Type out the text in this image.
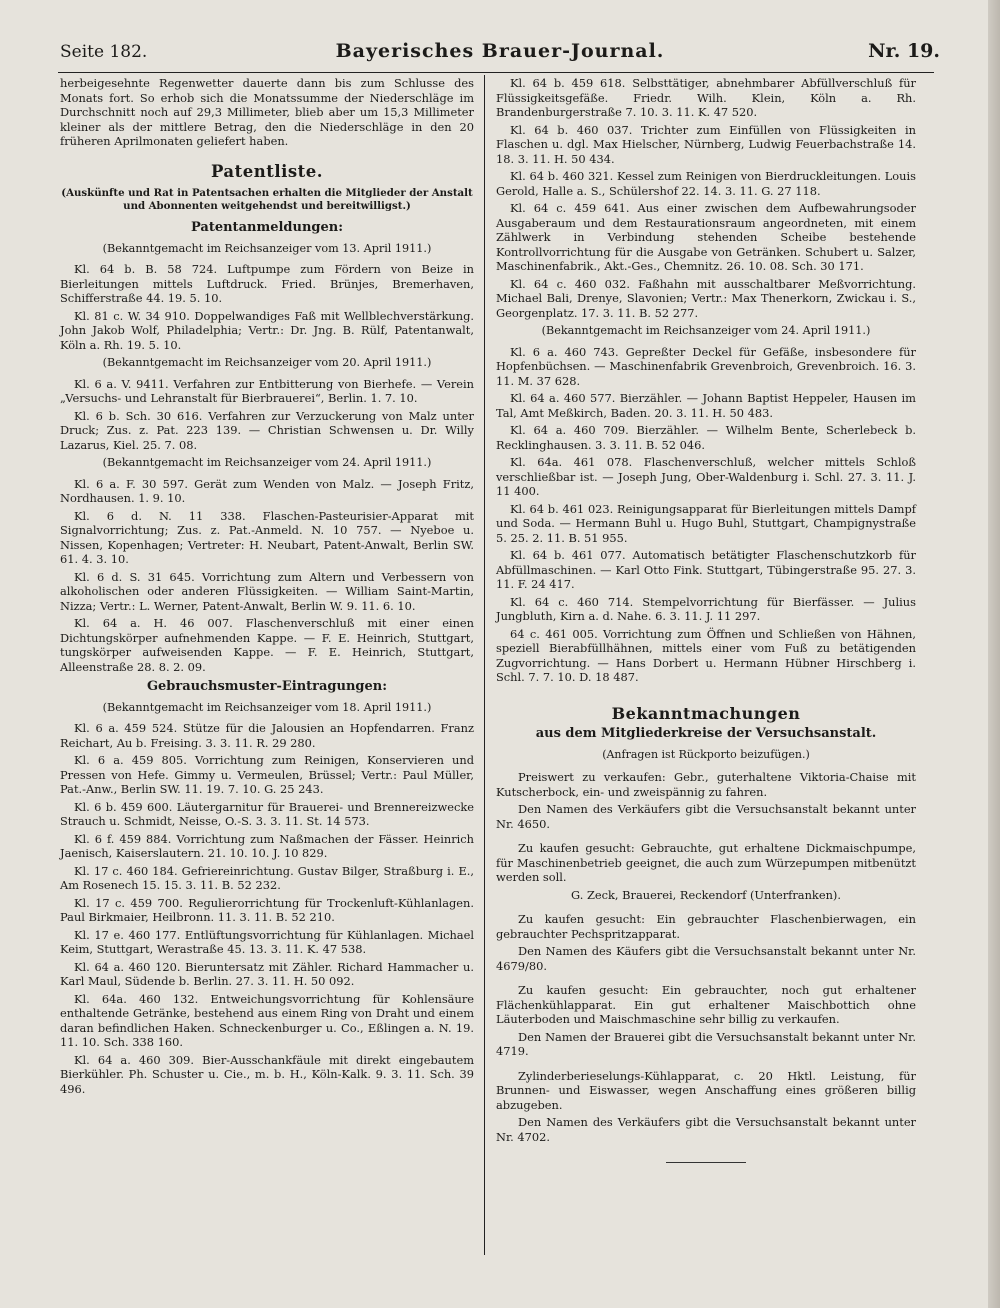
Seite 182.	Bayerisches Brauer-Journal.	Nr. 19.

herbeigesehnte Regenwetter dauerte dann bis zum Schlusse des Monats fort. So erhob sich die Monatssumme der Niederschläge im Durchschnitt noch auf 29,3 Millimeter, blieb aber um 15,3 Millimeter kleiner als der mittlere Betrag, den die Niederschläge in den 20 früheren Aprilmonaten geliefert haben.

Patentliste.
(Auskünfte und Rat in Patentsachen erhalten die Mitglieder der Anstalt und Abonnenten weitgehendst und bereitwilligst.)
Patentanmeldungen:
(Bekanntgemacht im Reichsanzeiger vom 13. April 1911.)

Kl. 64 b. B. 58 724. Luftpumpe zum Fördern von Beize in Bierleitungen mittels Luftdruck. Fried. Brünjes, Bremerhaven, Schifferstraße 44. 19. 5. 10.

Kl. 81 c. W. 34 910. Doppelwandiges Faß mit Wellblechverstärkung. John Jakob Wolf, Philadelphia; Vertr.: Dr. Jng. B. Rülf, Patentanwalt, Köln a. Rh. 19. 5. 10.

(Bekanntgemacht im Reichsanzeiger vom 20. April 1911.)

Kl. 6 a. V. 9411. Verfahren zur Entbitterung von Bierhefe. — Verein „Versuchs- und Lehranstalt für Bierbrauerei“, Berlin. 1. 7. 10.

Kl. 6 b. Sch. 30 616. Verfahren zur Verzuckerung von Malz unter Druck; Zus. z. Pat. 223 139. — Christian Schwensen u. Dr. Willy Lazarus, Kiel. 25. 7. 08.

(Bekanntgemacht im Reichsanzeiger vom 24. April 1911.)

Kl. 6 a. F. 30 597. Gerät zum Wenden von Malz. — Joseph Fritz, Nordhausen. 1. 9. 10.

Kl. 6 d. N. 11 338. Flaschen-Pasteurisier-Apparat mit Signalvorrichtung; Zus. z. Pat.-Anmeld. N. 10 757. — Nyeboe u. Nissen, Kopenhagen; Vertreter: H. Neubart, Patent-Anwalt, Berlin SW. 61. 4. 3. 10.

Kl. 6 d. S. 31 645. Vorrichtung zum Altern und Verbessern von alkoholischen oder anderen Flüssigkeiten. — William Saint-Martin, Nizza; Vertr.: L. Werner, Patent-Anwalt, Berlin W. 9. 11. 6. 10.

Kl. 64 a. H. 46 007. Flaschenverschluß mit einer einen Dichtungskörper aufnehmenden Kappe. — F. E. Heinrich, Stuttgart, tungskörper aufweisenden Kappe. — F. E. Heinrich, Stuttgart, Alleenstraße 28. 8. 2. 09.

Gebrauchsmuster-Eintragungen:
(Bekanntgemacht im Reichsanzeiger vom 18. April 1911.)

Kl. 6 a. 459 524. Stütze für die Jalousien an Hopfendarren. Franz Reichart, Au b. Freising. 3. 3. 11. R. 29 280.

Kl. 6 a. 459 805. Vorrichtung zum Reinigen, Konservieren und Pressen von Hefe. Gimmy u. Vermeulen, Brüssel; Vertr.: Paul Müller, Pat.-Anw., Berlin SW. 11. 19. 7. 10. G. 25 243.

Kl. 6 b. 459 600. Läutergarnitur für Brauerei- und Brennereizwecke Strauch u. Schmidt, Neisse, O.-S. 3. 3. 11. St. 14 573.

Kl. 6 f. 459 884. Vorrichtung zum Naßmachen der Fässer. Heinrich Jaenisch, Kaiserslautern. 21. 10. 10. J. 10 829.

Kl. 17 c. 460 184. Gefriereinrichtung. Gustav Bilger, Straßburg i. E., Am Rosenech 15. 15. 3. 11. B. 52 232.

Kl. 17 c. 459 700. Regulierorrichtung für Trockenluft-Kühlanlagen. Paul Birkmaier, Heilbronn. 11. 3. 11. B. 52 210.

Kl. 17 e. 460 177. Entlüftungsvorrichtung für Kühlanlagen. Michael Keim, Stuttgart, Werastraße 45. 13. 3. 11. K. 47 538.

Kl. 64 a. 460 120. Bieruntersatz mit Zähler. Richard Hammacher u. Karl Maul, Südende b. Berlin. 27. 3. 11. H. 50 092.

Kl. 64a. 460 132. Entweichungsvorrichtung für Kohlensäure enthaltende Getränke, bestehend aus einem Ring von Draht und einem daran befindlichen Haken. Schneckenburger u. Co., Eßlingen a. N. 19. 11. 10. Sch. 338 160.

Kl. 64 a. 460 309. Bier-Ausschankfäule mit direkt eingebautem Bierkühler. Ph. Schuster u. Cie., m. b. H., Köln-Kalk. 9. 3. 11. Sch. 39 496.

Kl. 64 b. 459 618. Selbsttätiger, abnehmbarer Abfüllverschluß für Flüssigkeitsgefäße. Friedr. Wilh. Klein, Köln a. Rh. Brandenburgerstraße 7. 10. 3. 11. K. 47 520.

Kl. 64 b. 460 037. Trichter zum Einfüllen von Flüssigkeiten in Flaschen u. dgl. Max Hielscher, Nürnberg, Ludwig Feuerbachstraße 14. 18. 3. 11. H. 50 434.

Kl. 64 b. 460 321. Kessel zum Reinigen von Bierdruckleitungen. Louis Gerold, Halle a. S., Schülershof 22. 14. 3. 11. G. 27 118.

Kl. 64 c. 459 641. Aus einer zwischen dem Aufbewahrungsoder Ausgaberaum und dem Restaurationsraum angeordneten, mit einem Zählwerk in Verbindung stehenden Scheibe bestehende Kontrollvorrichtung für die Ausgabe von Getränken. Schubert u. Salzer, Maschinenfabrik., Akt.-Ges., Chemnitz. 26. 10. 08. Sch. 30 171.

Kl. 64 c. 460 032. Faßhahn mit ausschaltbarer Meßvorrichtung. Michael Bali, Drenye, Slavonien; Vertr.: Max Thenerkorn, Zwickau i. S., Georgenplatz. 17. 3. 11. B. 52 277.

(Bekanntgemacht im Reichsanzeiger vom 24. April 1911.)

Kl. 6 a. 460 743. Gepreßter Deckel für Gefäße, insbesondere für Hopfenbüchsen. — Maschinenfabrik Grevenbroich, Grevenbroich. 16. 3. 11. M. 37 628.

Kl. 64 a. 460 577. Bierzähler. — Johann Baptist Heppeler, Hausen im Tal, Amt Meßkirch, Baden. 20. 3. 11. H. 50 483.

Kl. 64 a. 460 709. Bierzähler. — Wilhelm Bente, Scherlebeck b. Recklinghausen. 3. 3. 11. B. 52 046.

Kl. 64a. 461 078. Flaschenverschluß, welcher mittels Schloß verschließbar ist. — Joseph Jung, Ober-Waldenburg i. Schl. 27. 3. 11. J. 11 400.

Kl. 64 b. 461 023. Reinigungsapparat für Bierleitungen mittels Dampf und Soda. — Hermann Buhl u. Hugo Buhl, Stuttgart, Champignystraße 5. 25. 2. 11. B. 51 955.

Kl. 64 b. 461 077. Automatisch betätigter Flaschenschutzkorb für Abfüllmaschinen. — Karl Otto Fink. Stuttgart, Tübingerstraße 95. 27. 3. 11. F. 24 417.

Kl. 64 c. 460 714. Stempelvorrichtung für Bierfässer. — Julius Jungbluth, Kirn a. d. Nahe. 6. 3. 11. J. 11 297.

64 c. 461 005. Vorrichtung zum Öffnen und Schließen von Hähnen, speziell Bierabfüllhähnen, mittels einer vom Fuß zu betätigenden Zugvorrichtung. — Hans Dorbert u. Hermann Hübner Hirschberg i. Schl. 7. 7. 10. D. 18 487.

Bekanntmachungen
aus dem Mitgliederkreise der Versuchsanstalt.
(Anfragen ist Rückporto beizufügen.)

Preiswert zu verkaufen: Gebr., guterhaltene Viktoria-Chaise mit Kutscherbock, ein- und zweispännig zu fahren.

Den Namen des Verkäufers gibt die Versuchsanstalt bekannt unter Nr. 4650.

Zu kaufen gesucht: Gebrauchte, gut erhaltene Dickmaischpumpe, für Maschinenbetrieb geeignet, die auch zum Würzepumpen mitbenützt werden soll.

G. Zeck, Brauerei, Reckendorf (Unterfranken).

Zu kaufen gesucht: Ein gebrauchter Flaschenbierwagen, ein gebrauchter Pechspritzapparat.

Den Namen des Käufers gibt die Versuchsanstalt bekannt unter Nr. 4679/80.

Zu kaufen gesucht: Ein gebrauchter, noch gut erhaltener Flächenkühlapparat. Ein gut erhaltener Maischbottich ohne Läuterboden und Maischmaschine sehr billig zu verkaufen.

Den Namen der Brauerei gibt die Versuchsanstalt bekannt unter Nr. 4719.

Zylinderberieselungs-Kühlapparat, c. 20 Hktl. Leistung, für Brunnen- und Eiswasser, wegen Anschaffung eines größeren billig abzugeben.

Den Namen des Verkäufers gibt die Versuchsanstalt bekannt unter Nr. 4702.
